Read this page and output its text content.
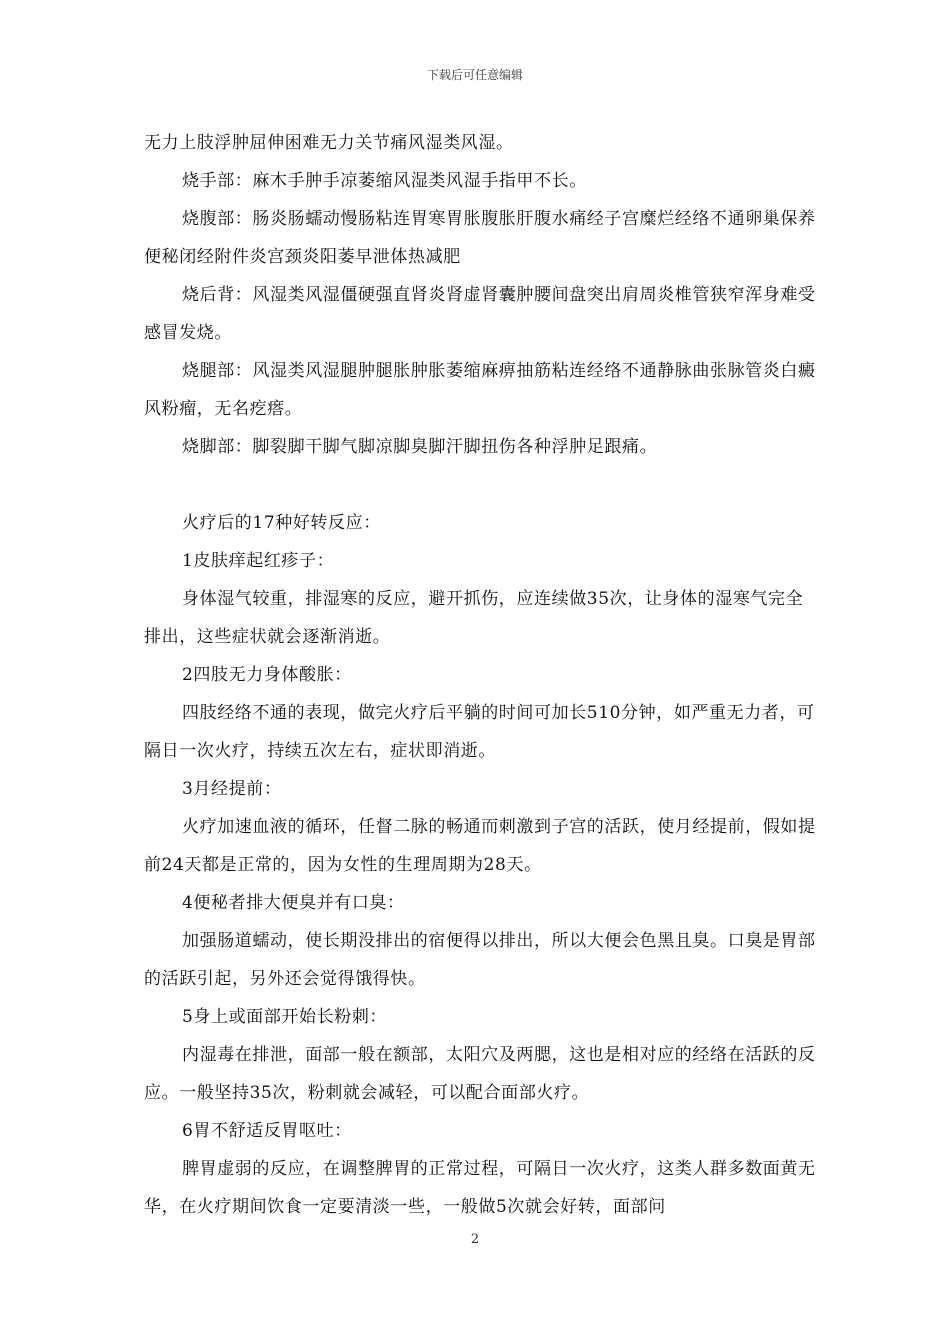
下载后可任意编辑

无力上肢浮肿屈伸困难无力关节痛风湿类风湿。

烧手部：麻木手肿手凉萎缩风湿类风湿手指甲不长。

烧腹部：肠炎肠蠕动慢肠粘连胃寒胃胀腹胀肝腹水痛经子宫糜烂经络不通卵巢保养便秘闭经附件炎宫颈炎阳萎早泄体热减肥

烧后背：风湿类风湿僵硬强直肾炎肾虚肾囊肿腰间盘突出肩周炎椎管狭窄浑身难受感冒发烧。

烧腿部：风湿类风湿腿肿腿胀肿胀萎缩麻痹抽筋粘连经络不通静脉曲张脉管炎白癜风粉瘤，无名疙瘩。

烧脚部：脚裂脚干脚气脚凉脚臭脚汗脚扭伤各种浮肿足跟痛。

火疗后的17种好转反应：

1皮肤痒起红疹子：

身体湿气较重，排湿寒的反应，避开抓伤，应连续做35次，让身体的湿寒气完全排出，这些症状就会逐渐消逝。

2四肢无力身体酸胀：

四肢经络不通的表现，做完火疗后平躺的时间可加长510分钟，如严重无力者，可隔日一次火疗，持续五次左右，症状即消逝。

3月经提前：

火疗加速血液的循环，任督二脉的畅通而刺激到子宫的活跃，使月经提前，假如提前24天都是正常的，因为女性的生理周期为28天。

4便秘者排大便臭并有口臭：

加强肠道蠕动，使长期没排出的宿便得以排出，所以大便会色黑且臭。口臭是胃部的活跃引起，另外还会觉得饿得快。

5身上或面部开始长粉刺：

内湿毒在排泄，面部一般在额部，太阳穴及两腮，这也是相对应的经络在活跃的反应。一般坚持35次，粉刺就会减轻，可以配合面部火疗。

6胃不舒适反胃呕吐：

脾胃虚弱的反应，在调整脾胃的正常过程，可隔日一次火疗，这类人群多数面黄无华，在火疗期间饮食一定要清淡一些，一般做5次就会好转，面部问

2
